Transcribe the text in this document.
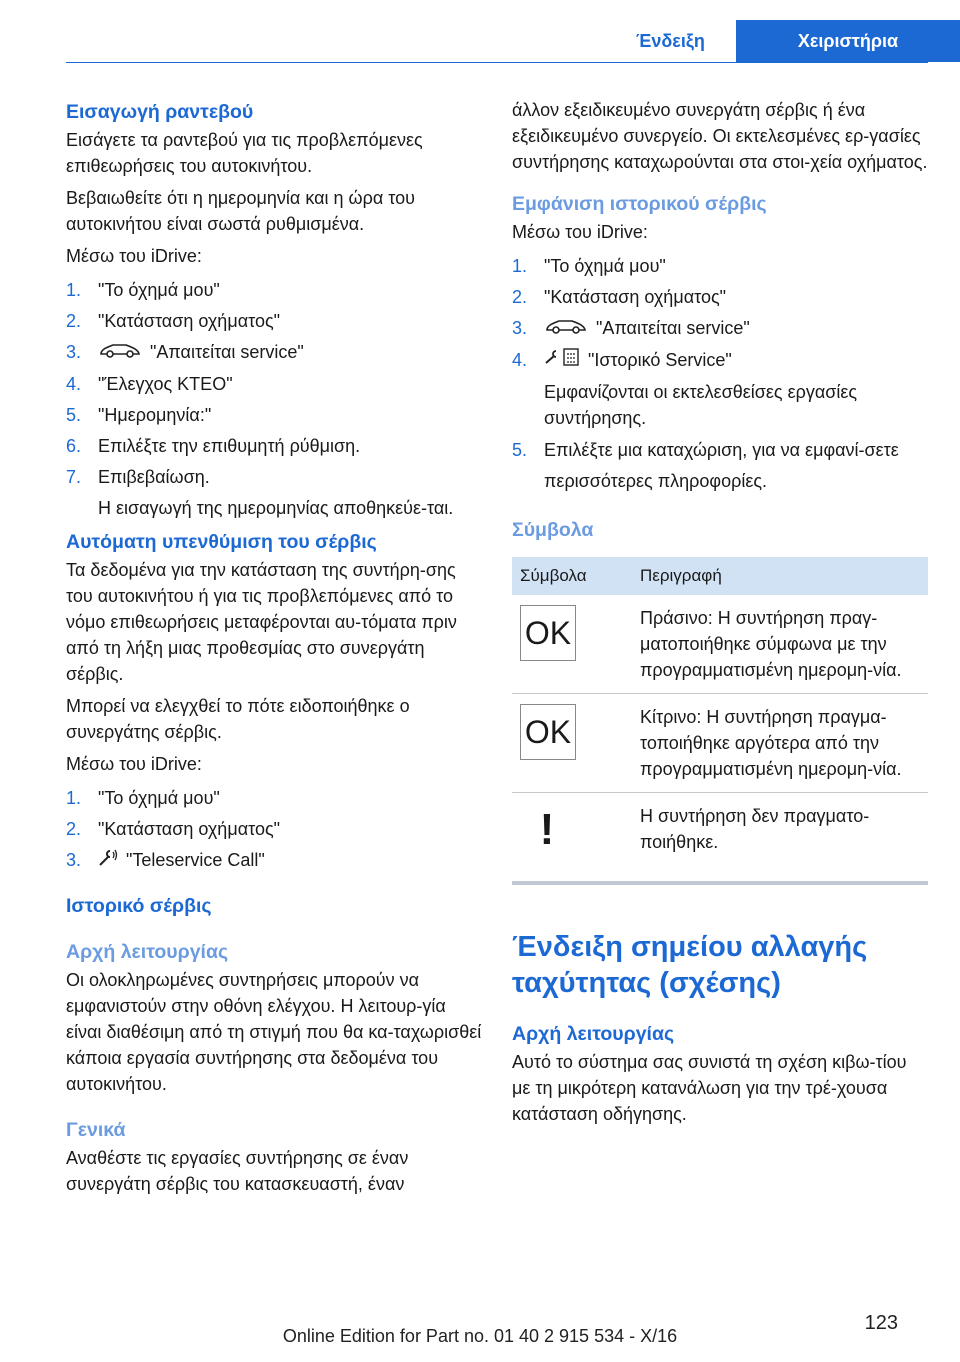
Ένδειξη	Χειριστήρια
Εισαγωγή ραντεβού

Εισάγετε τα ραντεβού για τις προβλεπόμενες επιθεωρήσεις του αυτοκινήτου.

Βεβαιωθείτε ότι η ημερομηνία και η ώρα του αυτοκινήτου είναι σωστά ρυθμισμένα.

Μέσω του iDrive:

1. "Το όχημά μου"
2. "Κατάσταση οχήματος"
3.	"Απαιτείται service"
4. "Έλεγχος ΚΤΕΟ"
5. "Ημερομηνία:"
6. Επιλέξτε την επιθυμητή ρύθμιση.
7. Επιβεβαίωση.
Η εισαγωγή της ημερομηνίας αποθηκεύε-ται.
Αυτόματη υπενθύμιση του σέρβις

Τα δεδομένα για την κατάσταση της συντήρη-σης του αυτοκινήτου ή για τις προβλεπόμενες από το νόμο επιθεωρήσεις μεταφέρονται αυ-τόματα πριν από τη λήξη μιας προθεσμίας στο συνεργάτη σέρβις.

Μπορεί να ελεγχθεί το πότε ειδοποιήθηκε ο συνεργάτης σέρβις.

Μέσω του iDrive:

1. "Το όχημά μου"
2. "Κατάσταση οχήματος"
3. "Teleservice Call"
Ιστορικό σέρβις
Αρχή λειτουργίας

Οι ολοκληρωμένες συντηρήσεις μπορούν να εμφανιστούν στην οθόνη ελέγχου. Η λειτουρ-γία είναι διαθέσιμη από τη στιγμή που θα κα-ταχωρισθεί κάποια εργασία συντήρησης στα δεδομένα του αυτοκινήτου.

Γενικά

Αναθέστε τις εργασίες συντήρησης σε έναν συνεργάτη σέρβις του κατασκευαστή, έναν

άλλον εξειδικευμένο συνεργάτη σέρβις ή ένα εξειδικευμένο συνεργείο. Οι εκτελεσμένες ερ-γασίες συντήρησης καταχωρούνται στα στοι-χεία οχήματος.

Εμφάνιση ιστορικού σέρβις

Μέσω του iDrive:

1. "Το όχημά μου"
2. "Κατάσταση οχήματος"
3.	"Απαιτείται service"
4.	"Ιστορικό Service"
Εμφανίζονται οι εκτελεσθείσες εργασίες συντήρησης.
5. Επιλέξτε μια καταχώριση, για να εμφανί-σετε περισσότερες πληροφορίες.
Σύμβολα
Σύμβολα	Περιγραφή

OK	Πράσινο: Η συντήρηση πραγ-ματοποιήθηκε σύμφωνα με την προγραμματισμένη ημερομη-νία.

OK	Κίτρινο: Η συντήρηση πραγμα-τοποιήθηκε αργότερα από την προγραμματισμένη ημερομη-νία.

!	Η συντήρηση δεν πραγματο-ποιήθηκε.
Ένδειξη σημείου αλλαγής ταχύτητας (σχέσης)
Αρχή λειτουργίας

Αυτό το σύστημα σας συνιστά τη σχέση κιβω-τίου με τη μικρότερη κατανάλωση για την τρέ-χουσα κατάσταση οδήγησης.

123
Online Edition for Part no. 01 40 2 915 534 - X/16
